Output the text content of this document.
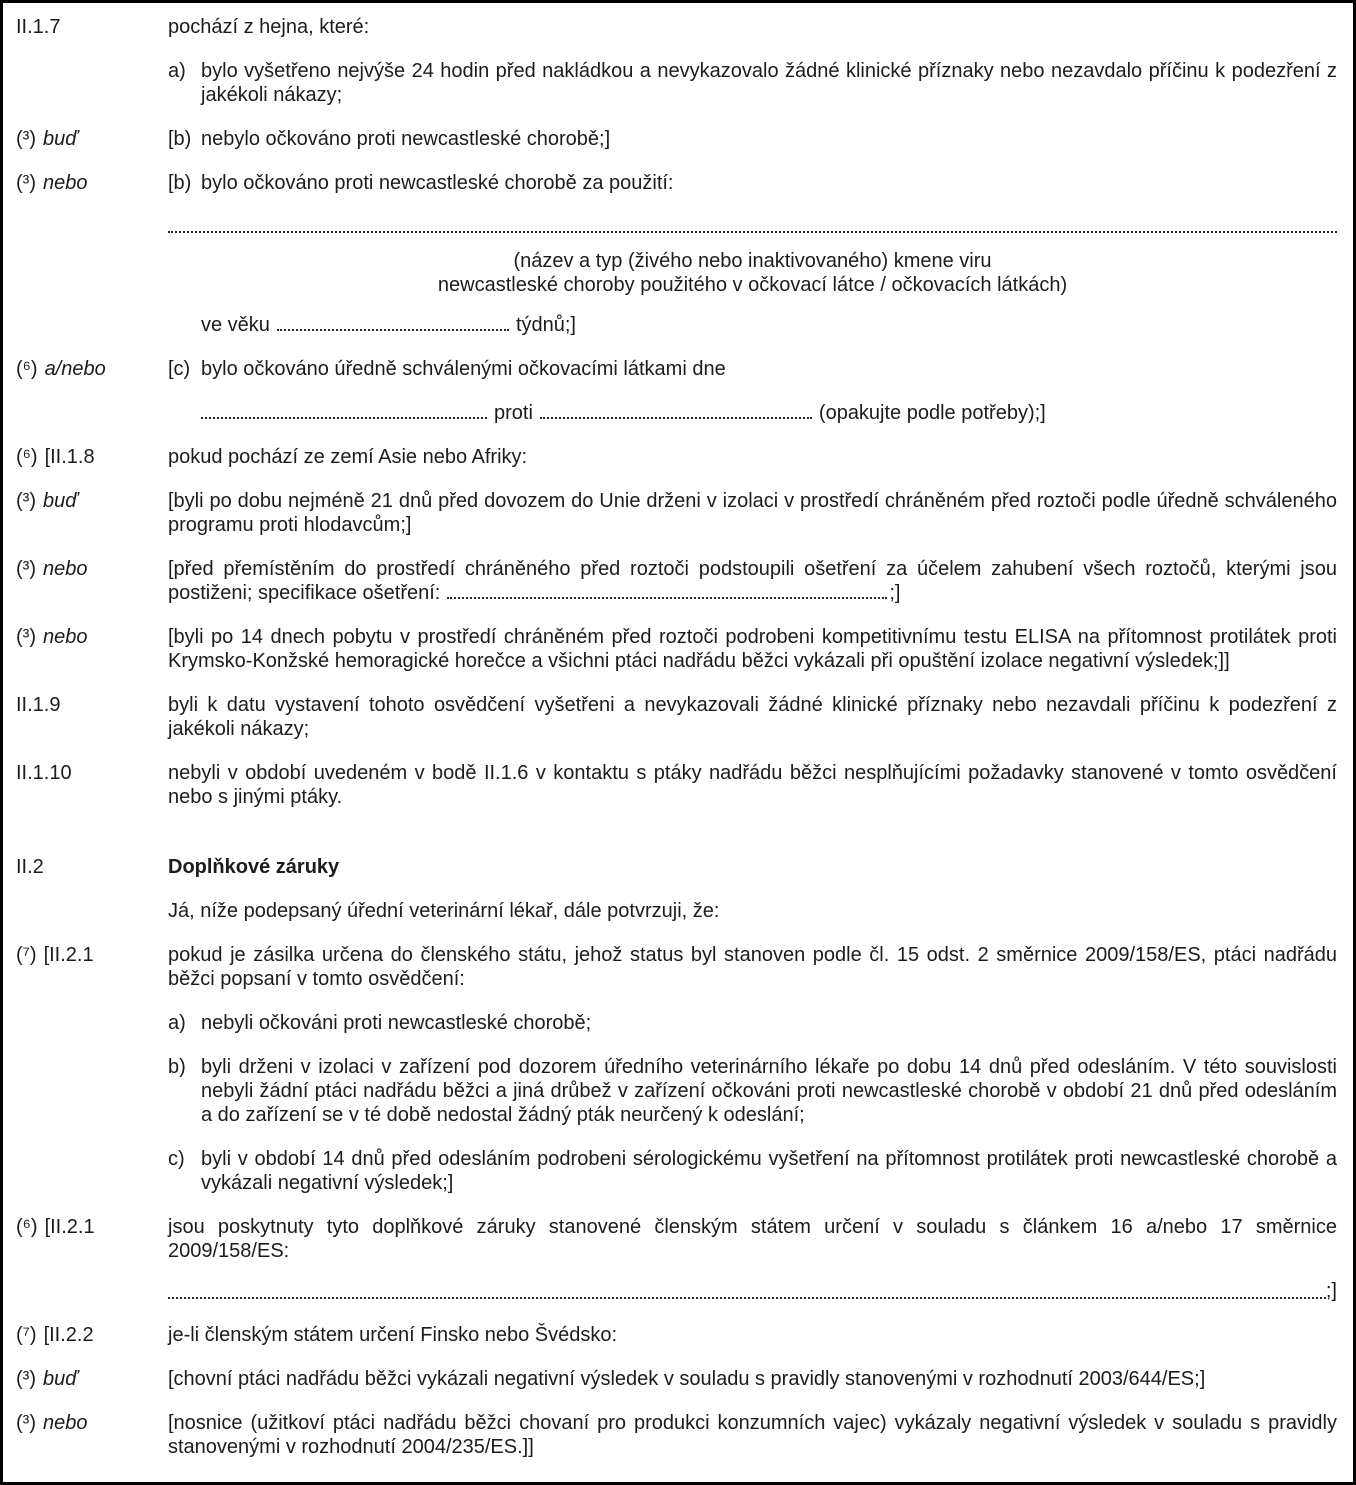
II.1.7	pochází z hejna, které:
a) bylo vyšetřeno nejvýše 24 hodin před nakládkou a nevykazovalo žádné klinické příznaky nebo nezavdalo příčinu k podezření z jakékoli nákazy;
(³) buď	[b) nebylo očkováno proti newcastleské chorobě;]
(³) nebo	[b) bylo očkováno proti newcastleské chorobě za použití:
(název a typ (živého nebo inaktivovaného) kmene viru
newcastleské choroby použitého v očkovací látce / očkovacích látkách)
ve věku	týdnů;]
(⁶) a/nebo	[c) bylo očkováno úředně schválenými očkovacími látkami dne
proti	(opakujte podle potřeby);]
(⁶) [II.1.8	pokud pochází ze zemí Asie nebo Afriky:
(³) buď	[byli po dobu nejméně 21 dnů před dovozem do Unie drženi v izolaci v prostředí chráněném před roztoči podle úředně schváleného programu proti hlodavcům;]
(³) nebo	[před přemístěním do prostředí chráněného před roztoči podstoupili ošetření za účelem zahubení všech roztočů, kterými jsou postiženi; specifikace ošetření:	;]
(³) nebo	[byli po 14 dnech pobytu v prostředí chráněném před roztoči podrobeni kompetitivnímu testu ELISA na přítomnost protilátek proti Krymsko-Konžské hemoragické horečce a všichni ptáci nadřádu běžci vykázali při opuštění izolace negativní výsledek;]]
II.1.9	byli k datu vystavení tohoto osvědčení vyšetřeni a nevykazovali žádné klinické příznaky nebo nezavdali příčinu k podezření z jakékoli nákazy;
II.1.10	nebyli v období uvedeném v bodě II.1.6 v kontaktu s ptáky nadřádu běžci nesplňujícími požadavky stanovené v tomto osvědčení nebo s jinými ptáky.
II.2	Doplňkové záruky
Já, níže podepsaný úřední veterinární lékař, dále potvrzuji, že:
(⁷) [II.2.1	pokud je zásilka určena do členského státu, jehož status byl stanoven podle čl. 15 odst. 2 směrnice 2009/158/ES, ptáci nadřádu běžci popsaní v tomto osvědčení:
a) nebyli očkováni proti newcastleské chorobě;
b) byli drženi v izolaci v zařízení pod dozorem úředního veterinárního lékaře po dobu 14 dnů před odesláním. V této souvislosti nebyli žádní ptáci nadřádu běžci a jiná drůbež v zařízení očkováni proti newcastleské chorobě v období 21 dnů před odesláním a do zařízení se v té době nedostal žádný pták neurčený k odeslání;
c) byli v období 14 dnů před odesláním podrobeni sérologickému vyšetření na přítomnost protilátek proti newcastleské chorobě a vykázali negativní výsledek;]
(⁶) [II.2.1	jsou poskytnuty tyto doplňkové záruky stanovené členským státem určení v souladu s článkem 16 a/nebo 17 směrnice 2009/158/ES:
;]
(⁷) [II.2.2	je-li členským státem určení Finsko nebo Švédsko:
(³) buď	[chovní ptáci nadřádu běžci vykázali negativní výsledek v souladu s pravidly stanovenými v rozhodnutí 2003/644/ES;]
(³) nebo	[nosnice (užitkoví ptáci nadřádu běžci chovaní pro produkci konzumních vajec) vykázaly negativní výsledek v souladu s pravidly stanovenými v rozhodnutí 2004/235/ES.]]
